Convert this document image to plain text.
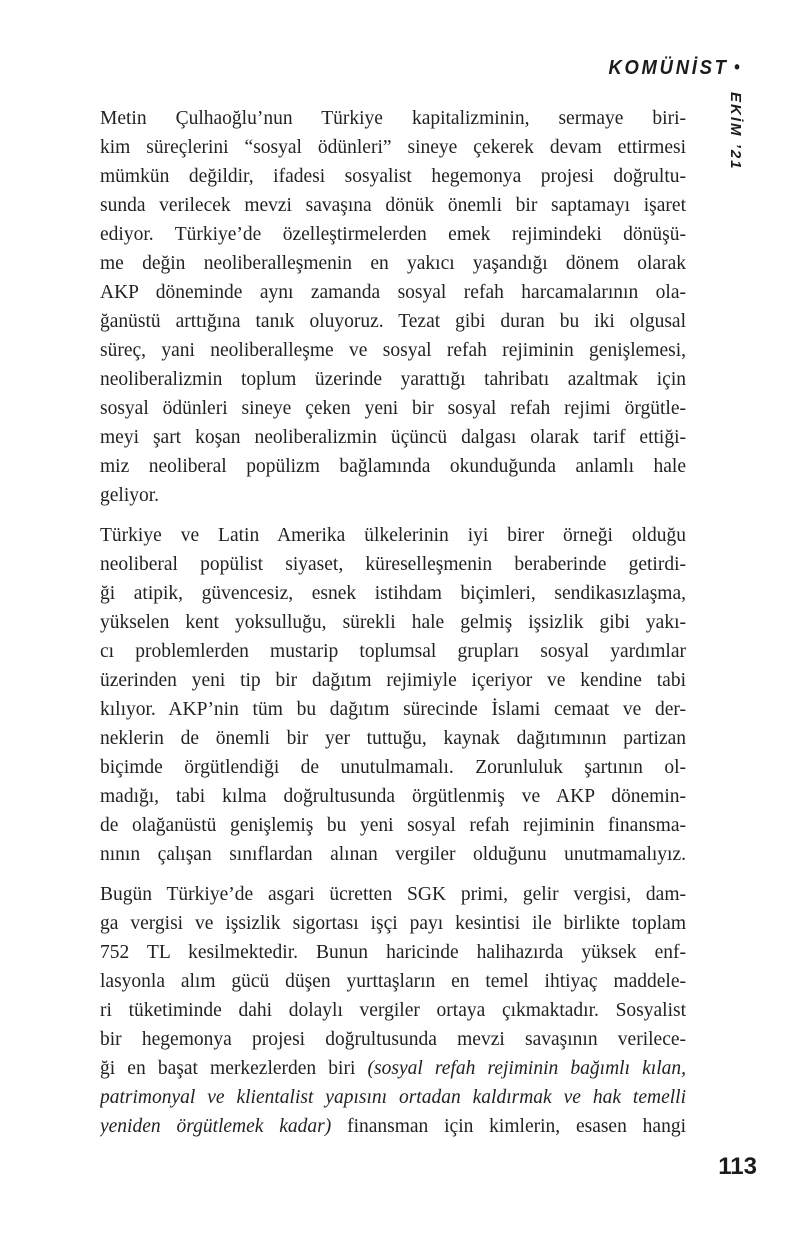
KOMÜNİST •
EKİM ’21
Metin Çulhaoğlu’nun Türkiye kapitalizminin, sermaye biri-
kim süreçlerini “sosyal ödünleri” sineye çekerek devam ettirmesi
mümkün değildir, ifadesi sosyalist hegemonya projesi doğrultu-
sunda verilecek mevzi savaşına dönük önemli bir saptamayı işaret
ediyor. Türkiye’de özelleştirmelerden emek rejimindeki dönüşü-
me değin neoliberalleşmenin en yakıcı yaşandığı dönem olarak
AKP döneminde aynı zamanda sosyal refah harcamalarının ola-
ğanüstü arttığına tanık oluyoruz. Tezat gibi duran bu iki olgusal
süreç, yani neoliberalleşme ve sosyal refah rejiminin genişlemesi,
neoliberalizmin toplum üzerinde yarattığı tahribatı azaltmak için
sosyal ödünleri sineye çeken yeni bir sosyal refah rejimi örgütle-
meyi şart koşan neoliberalizmin üçüncü dalgası olarak tarif ettiği-
miz neoliberal popülizm bağlamında okunduğunda anlamlı hale
geliyor.
Türkiye ve Latin Amerika ülkelerinin iyi birer örneği olduğu
neoliberal popülist siyaset, küreselleşmenin beraberinde getirdi-
ği atipik, güvencesiz, esnek istihdam biçimleri, sendikasızlaşma,
yükselen kent yoksulluğu, sürekli hale gelmiş işsizlik gibi yakı-
cı problemlerden mustarip toplumsal grupları sosyal yardımlar
üzerinden yeni tip bir dağıtım rejimiyle içeriyor ve kendine tabi
kılıyor. AKP’nin tüm bu dağıtım sürecinde İslami cemaat ve der-
neklerin de önemli bir yer tuttuğu, kaynak dağıtımının partizan
biçimde örgütlendiği de unutulmamalı. Zorunluluk şartının ol-
madığı, tabi kılma doğrultusunda örgütlenmiş ve AKP dönemin-
de olağanüstü genişlemiş bu yeni sosyal refah rejiminin finansma-
nının çalışan sınıflardan alınan vergiler olduğunu unutmamalıyız.
Bugün Türkiye’de asgari ücretten SGK primi, gelir vergisi, dam-
ga vergisi ve işsizlik sigortası işçi payı kesintisi ile birlikte toplam
752 TL kesilmektedir. Bunun haricinde halihazırda yüksek enf-
lasyonla alım gücü düşen yurttaşların en temel ihtiyaç maddele-
ri tüketiminde dahi dolaylı vergiler ortaya çıkmaktadır. Sosyalist
bir hegemonya projesi doğrultusunda mevzi savaşının verilece-
ği en başat merkezlerden biri (sosyal refah rejiminin bağımlı kılan,
patrimonyal ve klientalist yapısını ortadan kaldırmak ve hak temelli
yeniden örgütlemek kadar) finansman için kimlerin, esasen hangi
113
